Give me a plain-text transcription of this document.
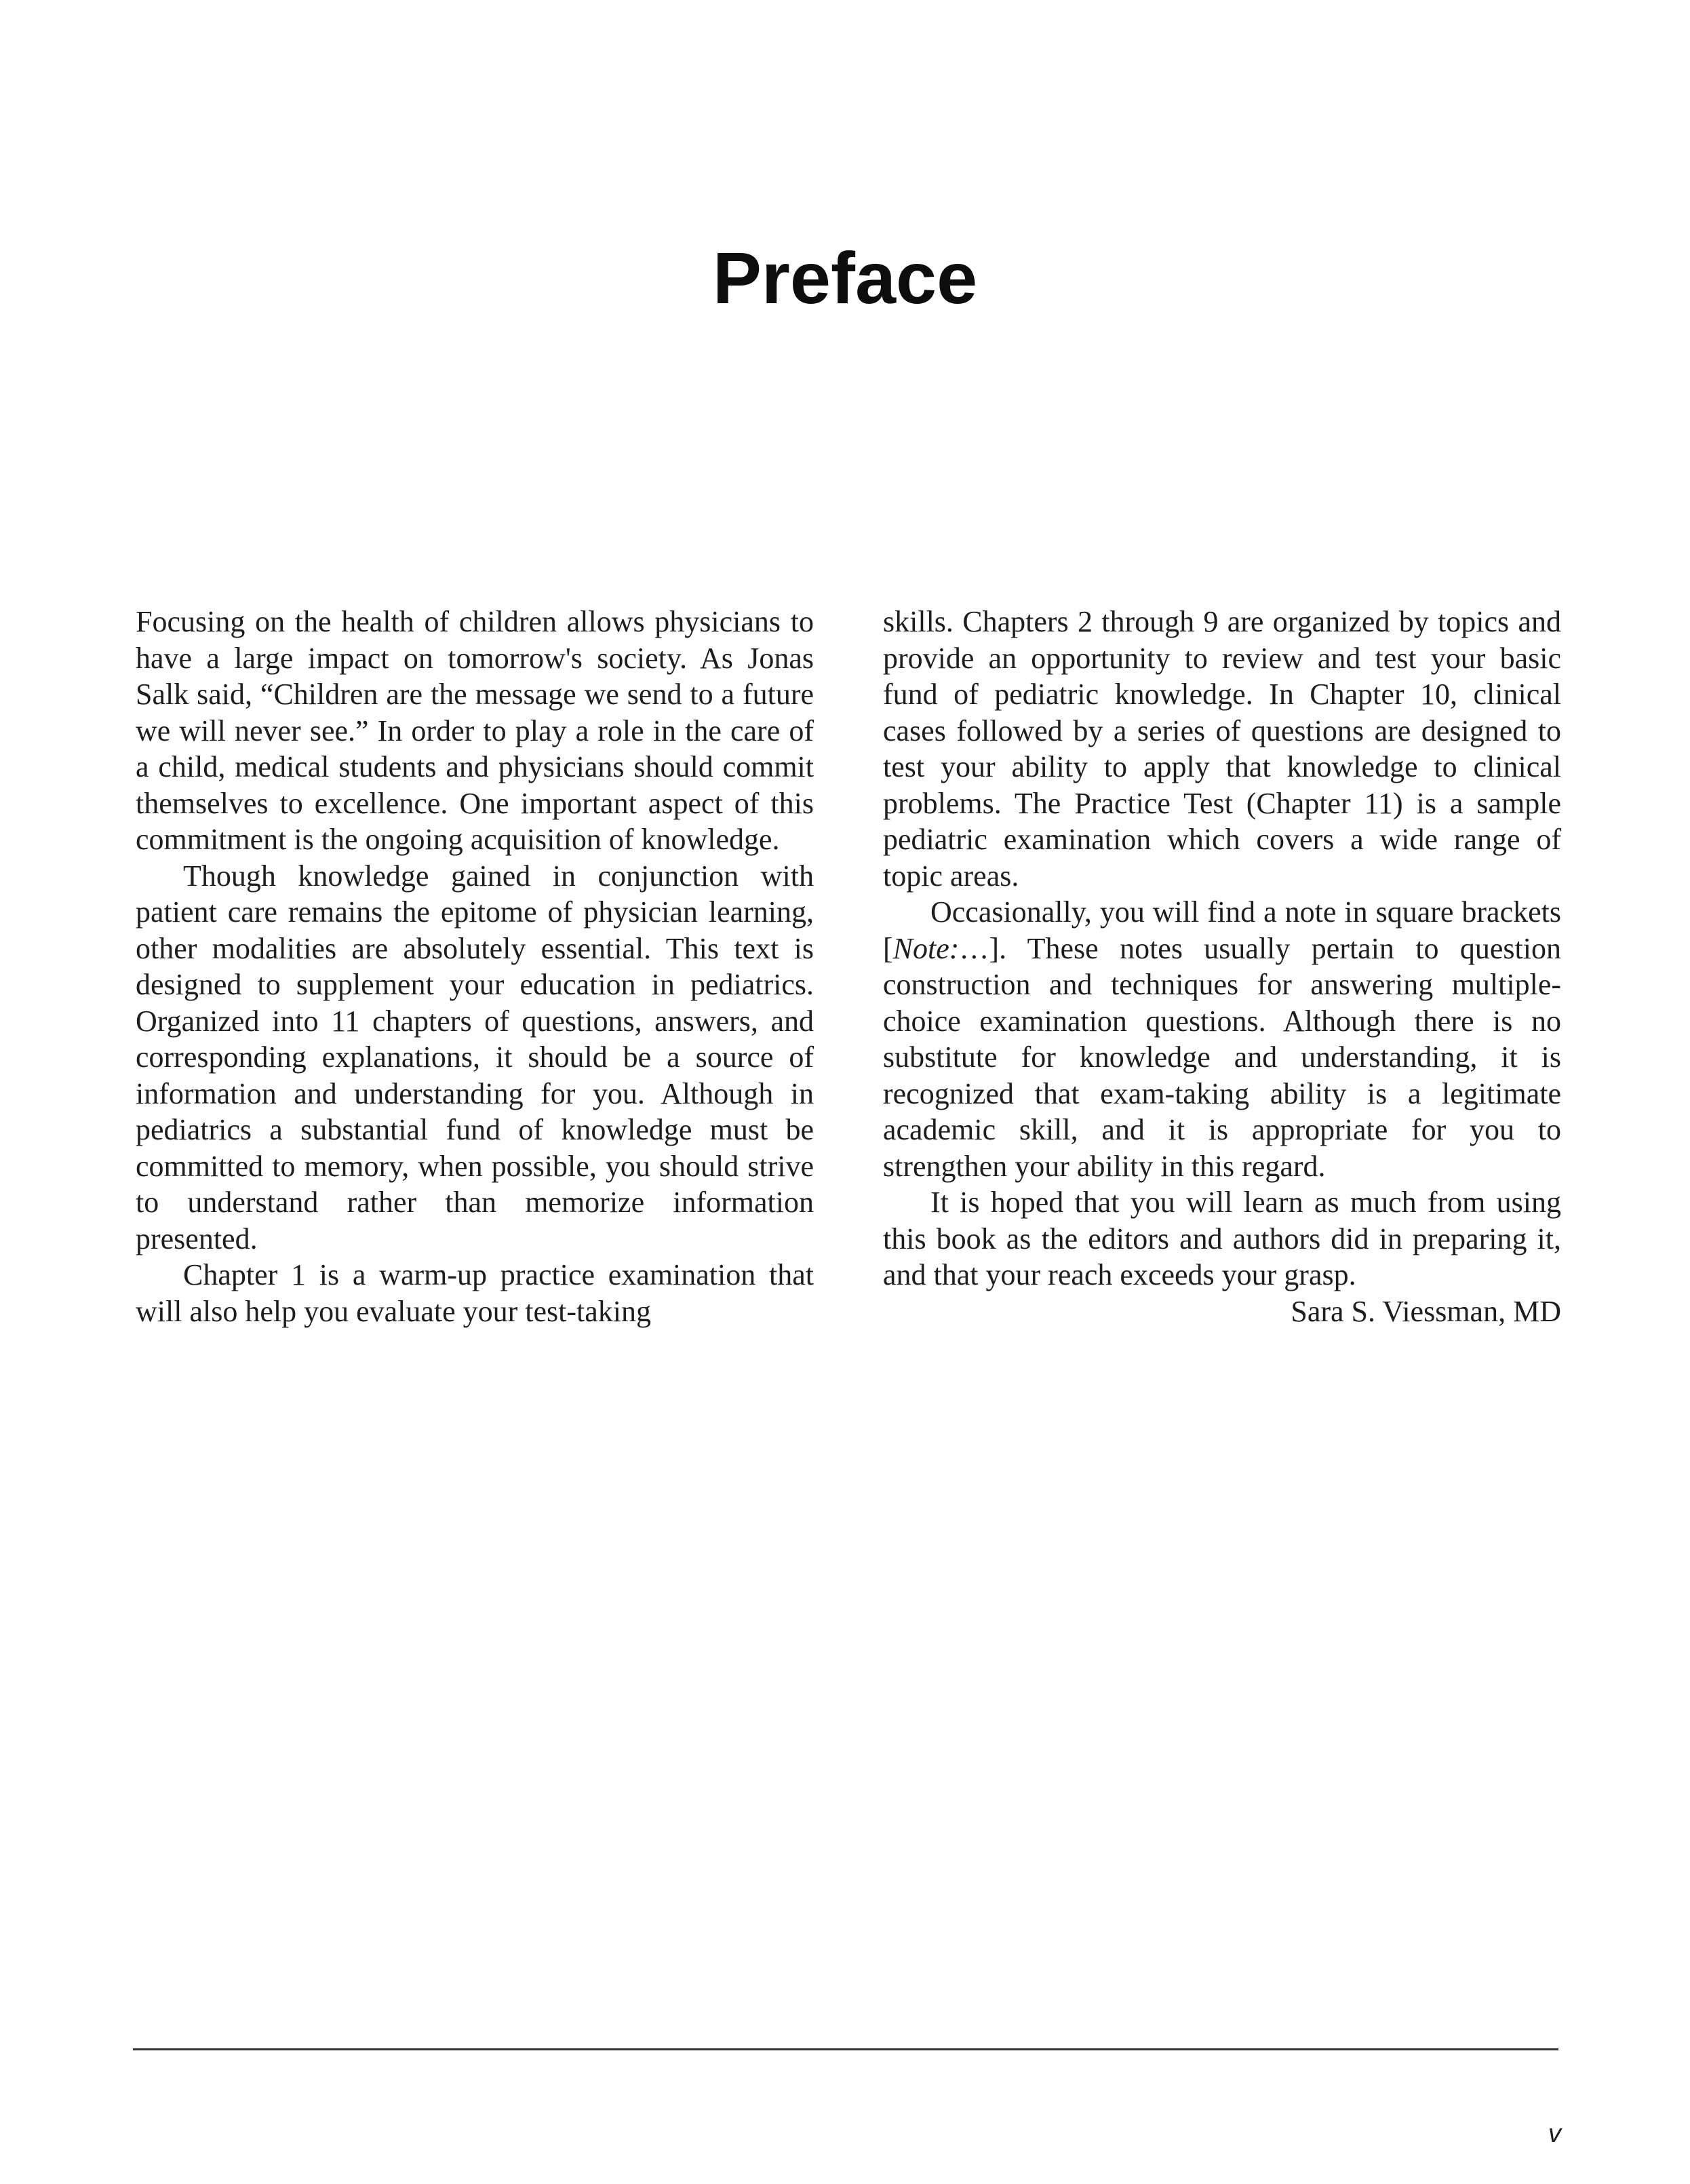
Preface

Focusing on the health of children allows physicians to have a large impact on tomorrow's society. As Jonas Salk said, “Children are the message we send to a future we will never see.” In order to play a role in the care of a child, medical students and physicians should commit themselves to excellence. One important aspect of this commitment is the ongoing acquisition of knowledge.

Though knowledge gained in conjunction with patient care remains the epitome of physician learning, other modalities are absolutely essential. This text is designed to supplement your education in pediatrics. Organized into 11 chapters of questions, answers, and corresponding explanations, it should be a source of information and understanding for you. Although in pediatrics a substantial fund of knowledge must be committed to memory, when possible, you should strive to understand rather than memorize information presented.

Chapter 1 is a warm-up practice examination that will also help you evaluate your test-taking

skills. Chapters 2 through 9 are organized by topics and provide an opportunity to review and test your basic fund of pediatric knowledge. In Chapter 10, clinical cases followed by a series of questions are designed to test your ability to apply that knowledge to clinical problems. The Practice Test (Chapter 11) is a sample pediatric examination which covers a wide range of topic areas.

Occasionally, you will find a note in square brackets [Note:…]. These notes usually pertain to question construction and techniques for answering multiple-choice examination questions. Although there is no substitute for knowledge and understanding, it is recognized that exam-taking ability is a legitimate academic skill, and it is appropriate for you to strengthen your ability in this regard.

It is hoped that you will learn as much from using this book as the editors and authors did in preparing it, and that your reach exceeds your grasp.

Sara S. Viessman, MD

v
